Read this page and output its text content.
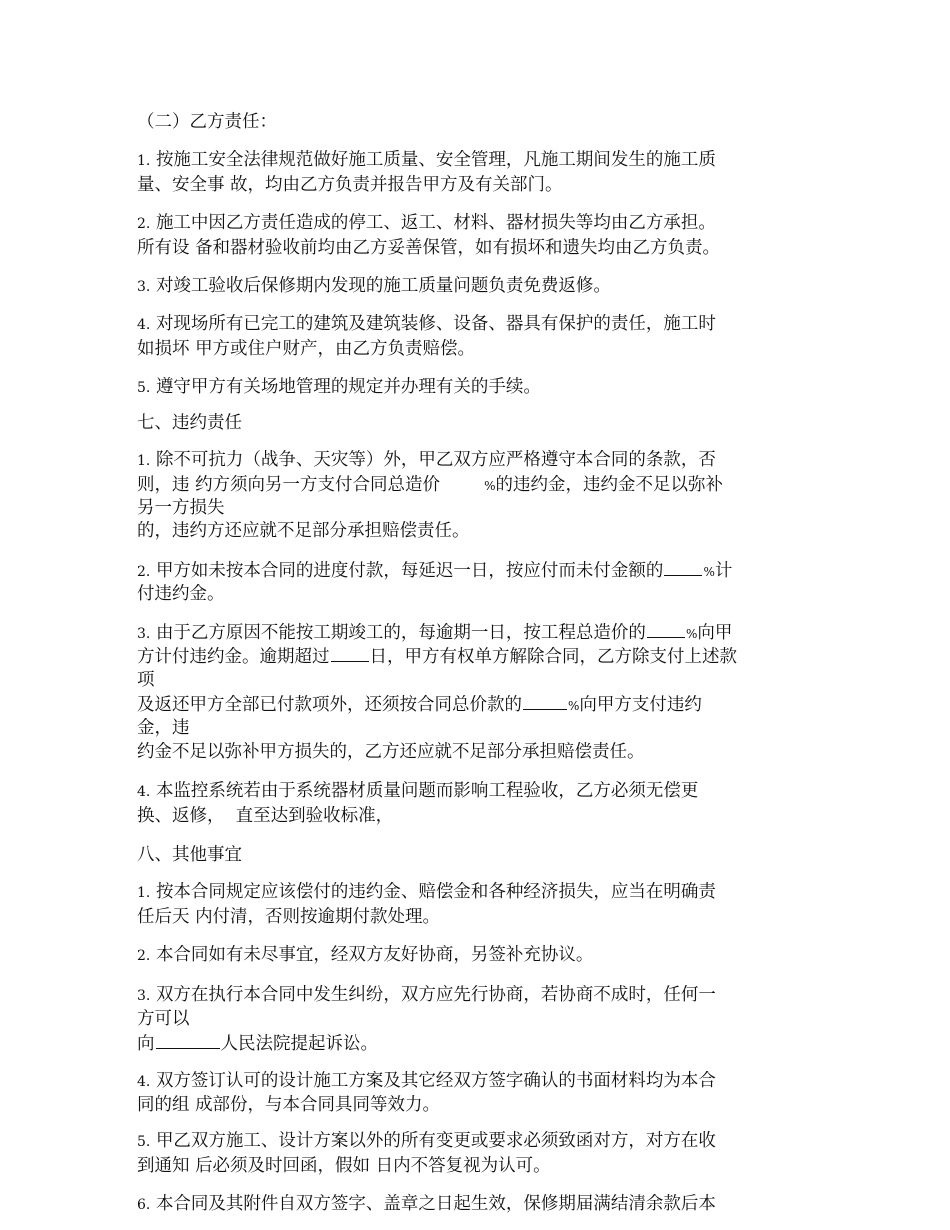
（二）乙方责任：
1. 按施工安全法律规范做好施工质量、安全管理，凡施工期间发生的施工质
量、安全事 故，均由乙方负责并报告甲方及有关部门。
2. 施工中因乙方责任造成的停工、返工、材料、器材损失等均由乙方承担。
所有设 备和器材验收前均由乙方妥善保管，如有损坏和遗失均由乙方负责。
3. 对竣工验收后保修期内发现的施工质量问题负责免费返修。
4. 对现场所有已完工的建筑及建筑装修、设备、器具有保护的责任，施工时
如损坏 甲方或住户财产，由乙方负责赔偿。
5. 遵守甲方有关场地管理的规定并办理有关的手续。
七、违约责任
1. 除不可抗力（战争、天灾等）外，甲乙双方应严格遵守本合同的条款，否
则，违 约方须向另一方支付合同总造价	%的违约金，违约金不足以弥补
另一方损失
的，违约方还应就不足部分承担赔偿责任。
2. 甲方如未按本合同的进度付款，每延迟一日，按应付而未付金额的	%计
付违约金。
3. 由于乙方原因不能按工期竣工的，每逾期一日，按工程总造价的	%向甲
方计付违约金。逾期超过 日，甲方有权单方解除合同，乙方除支付上述款
项
及返还甲方全部已付款项外，还须按合同总价款的	%向甲方支付违约
金，违
约金不足以弥补甲方损失的，乙方还应就不足部分承担赔偿责任。
4. 本监控系统若由于系统器材质量问题而影响工程验收，乙方必须无偿更
换、返修，  直至达到验收标准，
八、其他事宜
1. 按本合同规定应该偿付的违约金、赔偿金和各种经济损失，应当在明确责
任后天 内付清，否则按逾期付款处理。
2. 本合同如有未尽事宜，经双方友好协商，另签补充协议。
3. 双方在执行本合同中发生纠纷，双方应先行协商，若协商不成时，任何一
方可以
向	人民法院提起诉讼。
4. 双方签订认可的设计施工方案及其它经双方签字确认的书面材料均为本合
同的组 成部份，与本合同具同等效力。
5. 甲乙双方施工、设计方案以外的所有变更或要求必须致函对方，对方在收
到通知 后必须及时回函，假如 日内不答复视为认可。
6. 本合同及其附件自双方签字、盖章之日起生效，保修期届满结清余款后本
